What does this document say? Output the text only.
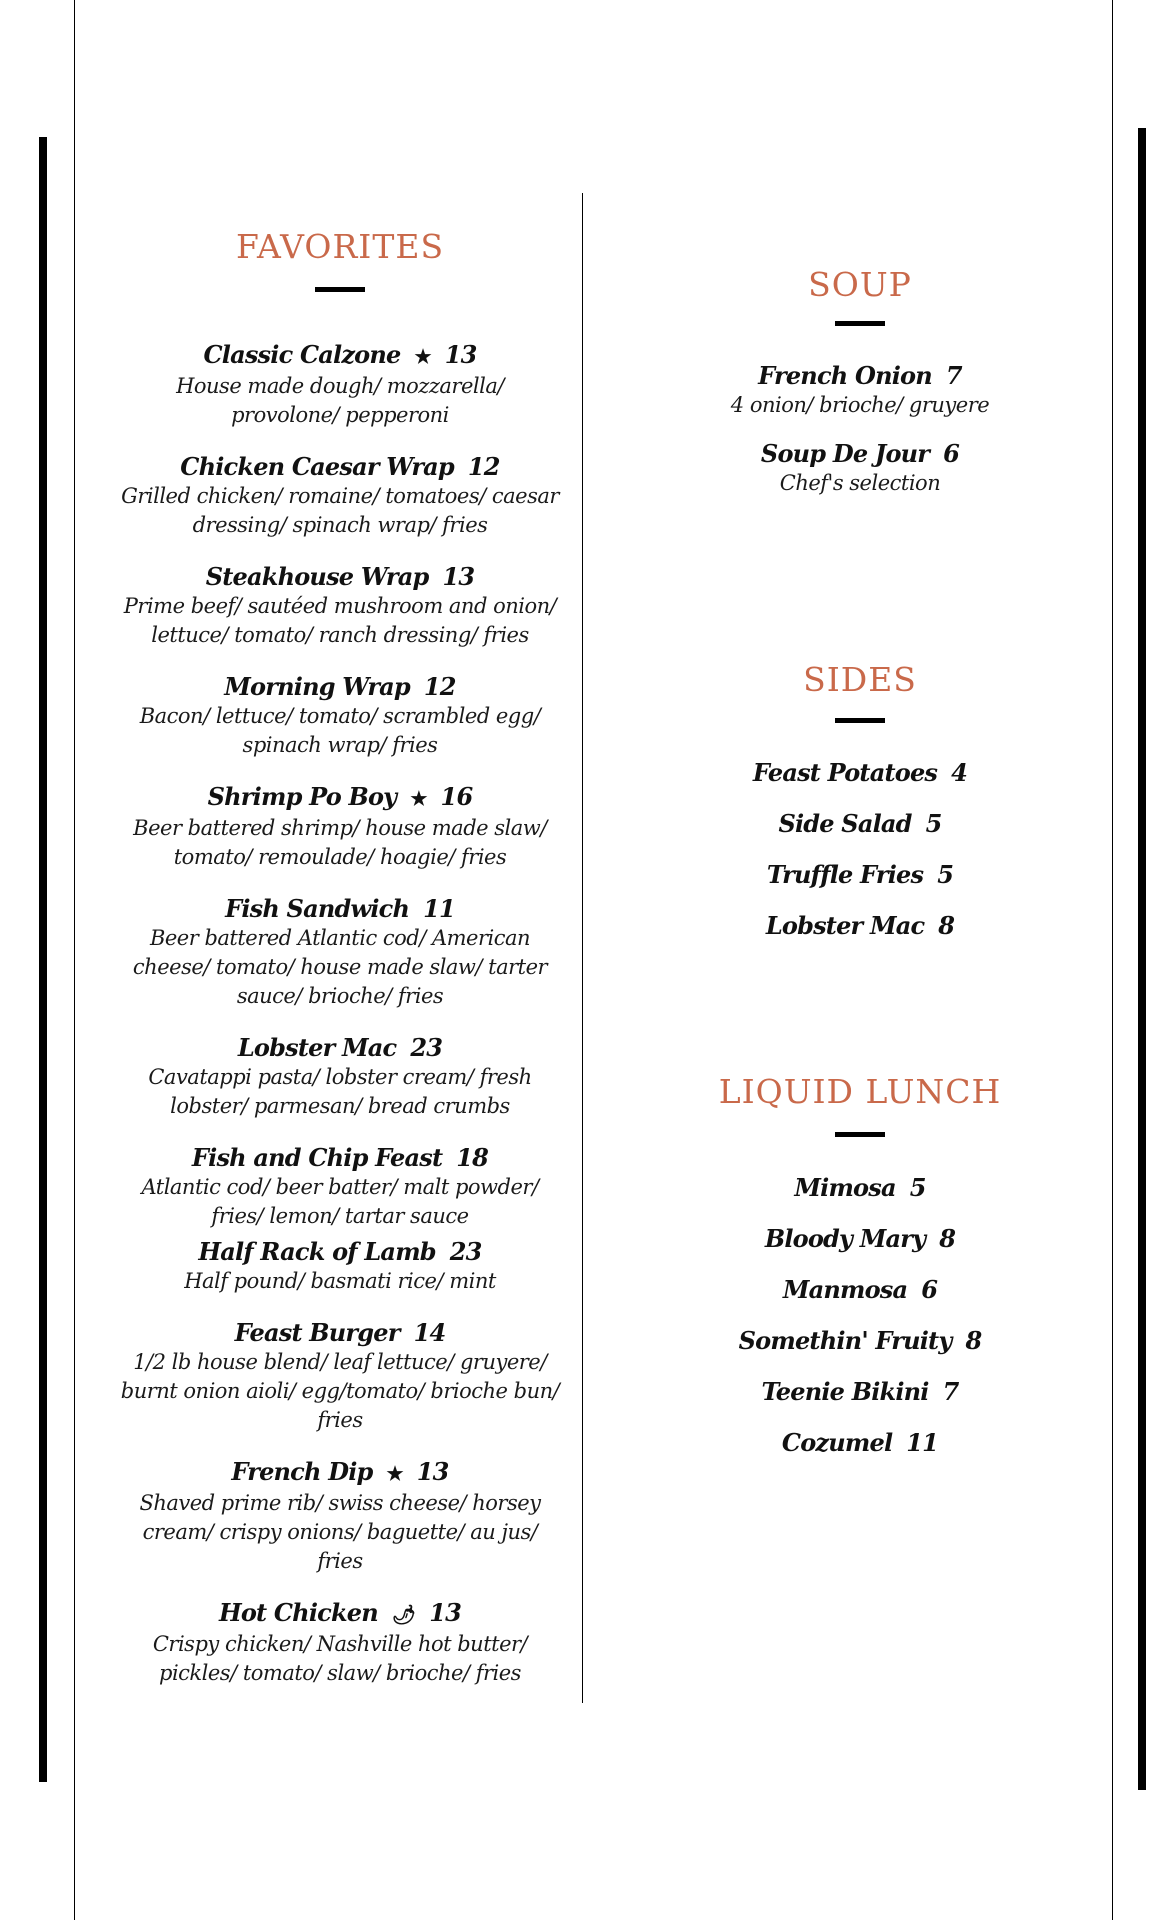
FAVORITES
Classic Calzone ★ 13
House made dough/ mozzarella/ provolone/ pepperoni
Chicken Caesar Wrap 12
Grilled chicken/ romaine/ tomatoes/ caesar dressing/ spinach wrap/ fries
Steakhouse Wrap 13
Prime beef/ sautéed mushroom and onion/ lettuce/ tomato/ ranch dressing/ fries
Morning Wrap 12
Bacon/ lettuce/ tomato/ scrambled egg/ spinach wrap/ fries
Shrimp Po Boy ★ 16
Beer battered shrimp/ house made slaw/ tomato/ remoulade/ hoagie/ fries
Fish Sandwich 11
Beer battered Atlantic cod/ American cheese/ tomato/ house made slaw/ tarter sauce/ brioche/ fries
Lobster Mac 23
Cavatappi pasta/ lobster cream/ fresh lobster/ parmesan/ bread crumbs
Fish and Chip Feast 18
Atlantic cod/ beer batter/ malt powder/ fries/ lemon/ tartar sauce
Half Rack of Lamb 23
Half pound/ basmati rice/ mint
Feast Burger 14
1/2 lb house blend/ leaf lettuce/ gruyere/ burnt onion aioli/ egg/tomato/ brioche bun/ fries
French Dip ★ 13
Shaved prime rib/ swiss cheese/ horsey cream/ crispy onions/ baguette/ au jus/ fries
Hot Chicken 🌶 13
Crispy chicken/ Nashville hot butter/ pickles/ tomato/ slaw/ brioche/ fries
SOUP
French Onion 7
4 onion/ brioche/ gruyere
Soup De Jour 6
Chef's selection
SIDES
Feast Potatoes 4
Side Salad 5
Truffle Fries 5
Lobster Mac 8
LIQUID LUNCH
Mimosa 5
Bloody Mary 8
Manmosa 6
Somethin' Fruity 8
Teenie Bikini 7
Cozumel 11
